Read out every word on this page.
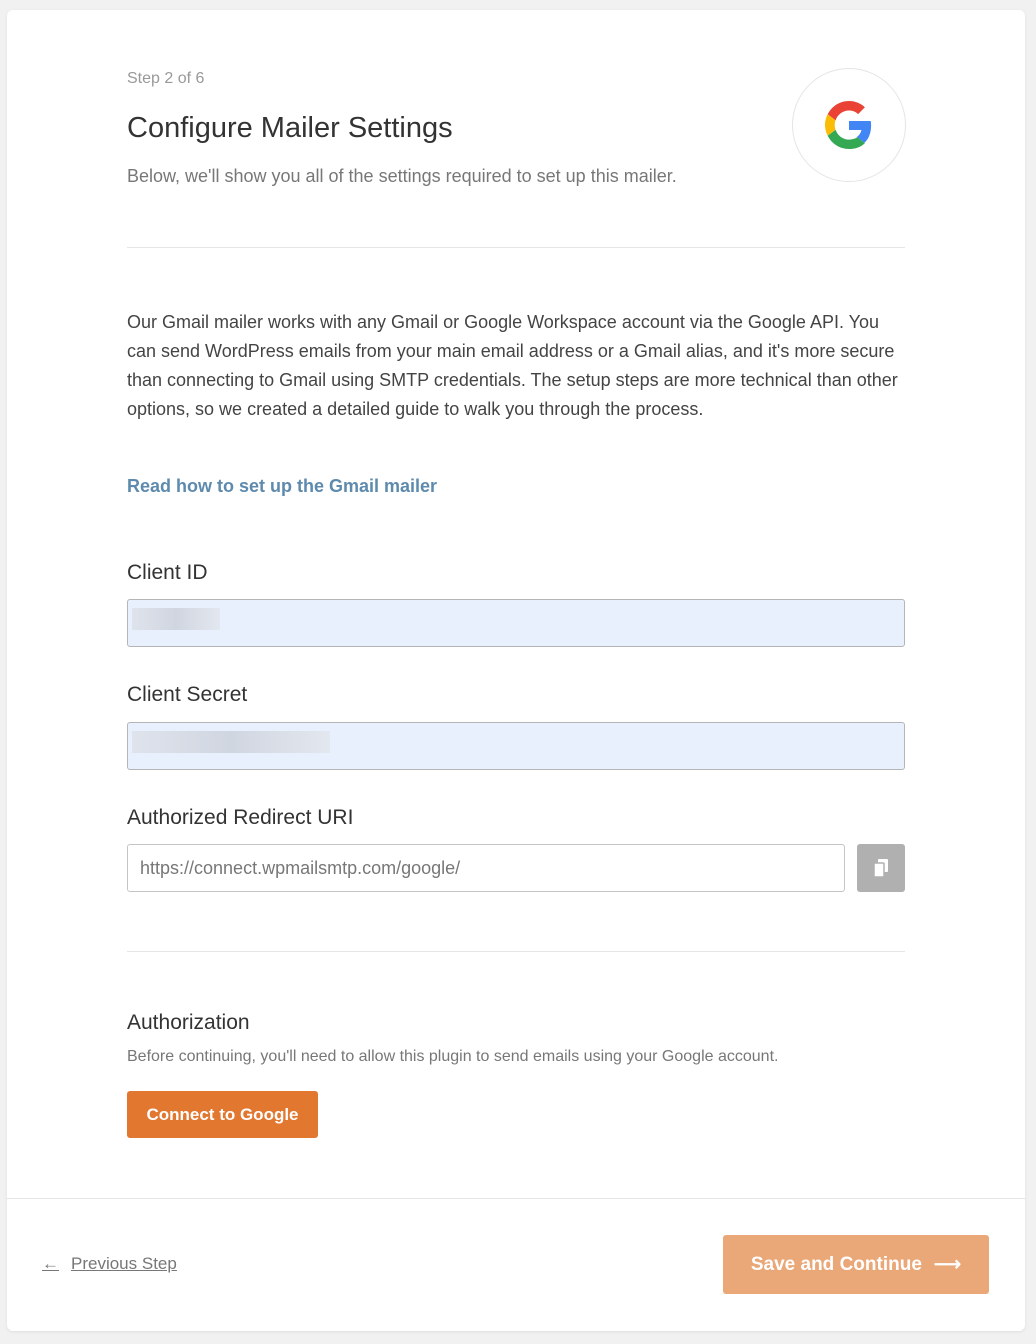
Step 2 of 6
Configure Mailer Settings

Below, we'll show you all of the settings required to set up this mailer.

Our Gmail mailer works with any Gmail or Google Workspace account via the Google API. You can send WordPress emails from your main email address or a Gmail alias, and it's more secure than connecting to Gmail using SMTP credentials. The setup steps are more technical than other options, so we created a detailed guide to walk you through the process.

Read how to set up the Gmail mailer
Client ID
Client Secret
Authorized Redirect URI
https://connect.wpmailsmtp.com/google/
Authorization

Before continuing, you'll need to allow this plugin to send emails using your Google account.

Connect to Google
← Previous Step	Save and Continue ⟶
